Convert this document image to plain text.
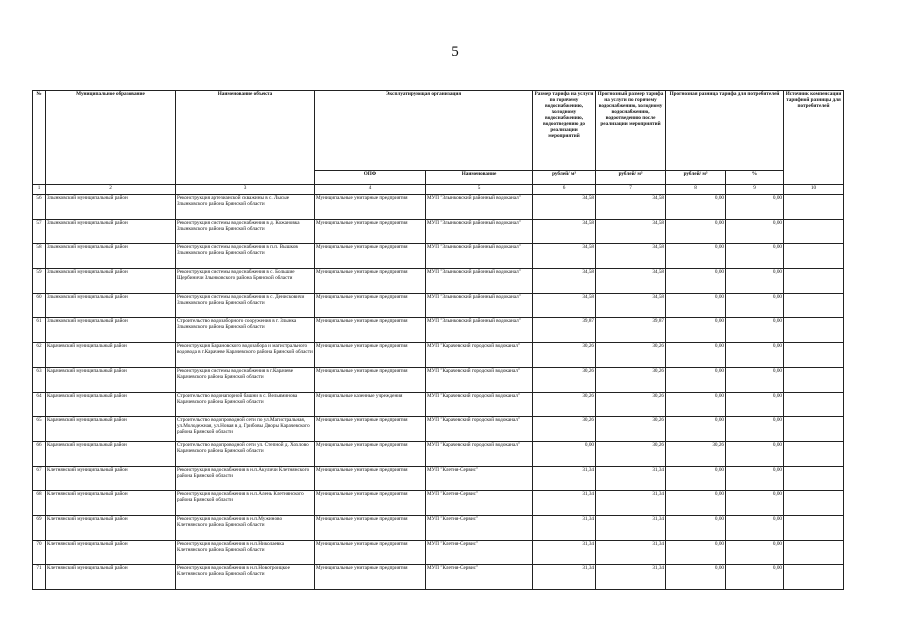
5
№	Муниципальное образование	Наименование объекта	Эксплуатирующая организация		Размер тарифа на услуги по горячему водоснабжению, холодному водоснабжению, водоотведению до реализации мероприятий	Прогнозный размер тарифа на услуги по горячему водоснабжению, холодному водоснабжению, водоотведению после реализации мероприятий	Прогнозная разница тарифа для потребителей		Источник компенсации тарифной разницы для потребителей
			ОПФ	Наименование	рублей/ м³	рублей/ м³	рублей/ м³	%	
1	2	3	4	5	6	7	8	9	10
56	Злынковский муниципальный район	Реконструкция артезианской скважины в с. Лысые Злынковского района Брянской области	Муниципальные унитарные предприятия	МУП "Злынковский районный водоканал"	34,58	34,58	0,00	0,00	
57	Злынковский муниципальный район	Реконструкция системы водоснабжения в д. Кожановка Злынковского района Брянской области	Муниципальные унитарные предприятия	МУП "Злынковский районный водоканал"	34,58	34,58	0,00	0,00	
58	Злынковский муниципальный район	Реконструкция системы водоснабжения в п.п. Вышков Злынковского района Брянской области	Муниципальные унитарные предприятия	МУП "Злынковский районный водоканал"	34,58	34,58	0,00	0,00	
59	Злынковский муниципальный район	Реконструкция системы водоснабжения в с. Большие Щербиничи Злынковского района Брянской области	Муниципальные унитарные предприятия	МУП "Злынковский районный водоканал"	34,58	34,58	0,00	0,00	
60	Злынковский муниципальный район	Реконструкция системы водоснабжения в с. Денисковичи Злынковского района Брянской области	Муниципальные унитарные предприятия	МУП "Злынковский районный водоканал"	34,58	34,58	0,00	0,00	
61	Злынковский муниципальный район	Строительство водозаборного сооружения в г. Злынка Злынковского района Брянской области	Муниципальные унитарные предприятия	МУП "Злынковский районный водоканал"	39,87	39,87	0,00	0,00	
62	Карачевский муниципальный район	Реконструкция Барановского водозабора и магистрального водовода в г.Карачеве Карачевского района Брянской области	Муниципальные унитарные предприятия	МУП "Карачевский городской водоканал"	30,26	30,26	0,00	0,00	
63	Карачевский муниципальный район	Реконструкция системы водоснабжения в г.Карачеве Карачевского района Брянской области	Муниципальные унитарные предприятия	МУП "Карачевский городской водоканал"	30,26	30,26	0,00	0,00	
64	Карачевский муниципальный район	Строительство водонапорной башни в с. Вельяминова Карачевского района Брянской области	Муниципальные казенные учреждения	МУП "Карачевский городской водоканал"	30,26	30,26	0,00	0,00	
65	Карачевский муниципальный район	Строительство водопроводной сети по ул.Магистральная, ул.Молодежная, ул.Новая в д. Грибовы Дворы Карачевского района Брянской области	Муниципальные унитарные предприятия	МУП "Карачевский городской водоканал"	30,26	30,26	0,00	0,00	
66	Карачевский муниципальный район	Строительство водопроводной сети ул. Степной д. Хохлово Карачевского района Брянской области	Муниципальные унитарные предприятия	МУП "Карачевский городской водоканал"	0,00	30,26	30,26	0,00	
67	Клетнянский муниципальный район	Реконструкция водоснабжения в н.п.Акуличи Клетнянского района Брянской области	Муниципальные унитарные предприятия	МУП "Клетня-Сервис"	31,34	31,34	0,00	0,00	
68	Клетнянский муниципальный район	Реконструкция водоснабжения в н.п.Алень Клетнянского района Брянской области	Муниципальные унитарные предприятия	МУП "Клетня-Сервис"	31,34	31,34	0,00	0,00	
69	Клетнянский муниципальный район	Реконструкция водоснабжения в н.п.Мужиново Клетнянского района Брянской области	Муниципальные унитарные предприятия	МУП "Клетня-Сервис"	31,34	31,34	0,00	0,00	
70	Клетнянский муниципальный район	Реконструкция водоснабжения в н.п.Николаевка Клетнянского района Брянской области	Муниципальные унитарные предприятия	МУП "Клетня-Сервис"	31,34	31,34	0,00	0,00	
71	Клетнянский муниципальный район	Реконструкция водоснабжения в н.п.Новотроицкое Клетнянского района Брянской области	Муниципальные унитарные предприятия	МУП "Клетня-Сервис"	31,34	31,34	0,00	0,00	
